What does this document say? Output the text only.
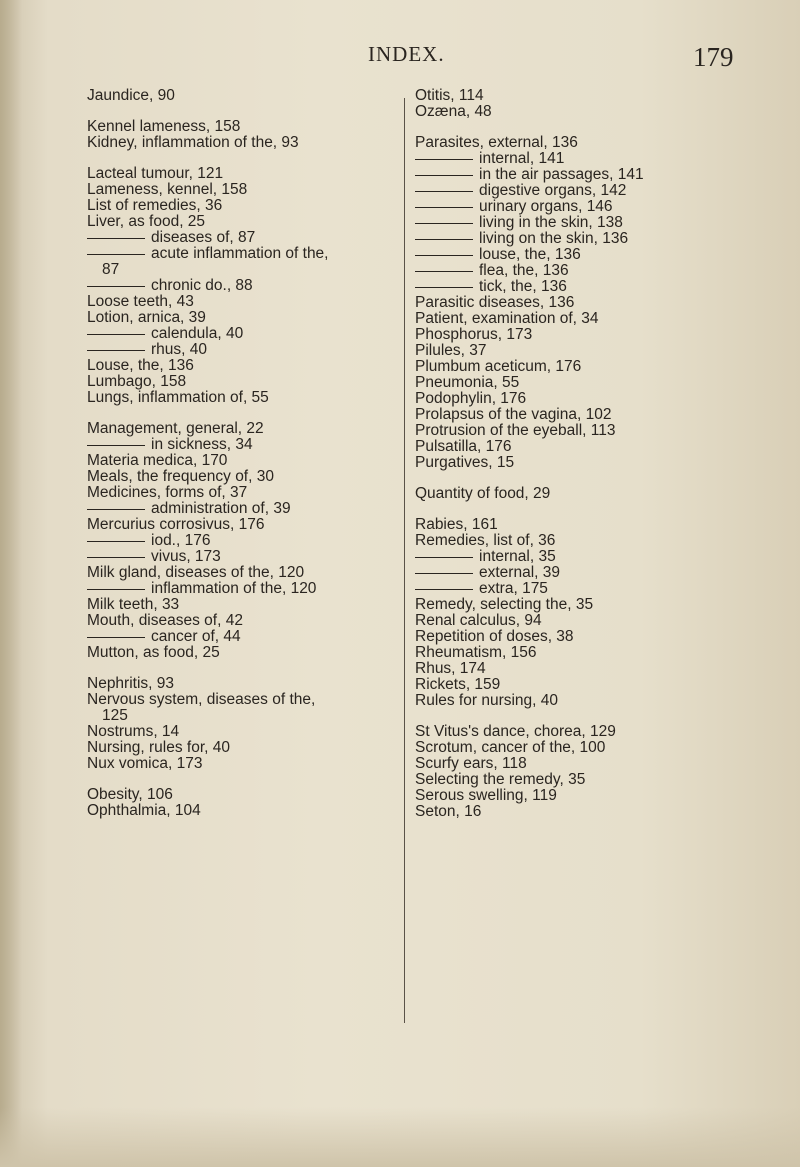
INDEX.	179
Jaundice, 90
Kennel lameness, 158
Kidney, inflammation of the, 93
Lacteal tumour, 121
Lameness, kennel, 158
List of remedies, 36
Liver, as food, 25
diseases of, 87
acute inflammation of the,
87
chronic do., 88
Loose teeth, 43
Lotion, arnica, 39
calendula, 40
rhus, 40
Louse, the, 136
Lumbago, 158
Lungs, inflammation of, 55
Management, general, 22
in sickness, 34
Materia medica, 170
Meals, the frequency of, 30
Medicines, forms of, 37
administration of, 39
Mercurius corrosivus, 176
iod., 176
vivus, 173
Milk gland, diseases of the, 120
inflammation of the, 120
Milk teeth, 33
Mouth, diseases of, 42
cancer of, 44
Mutton, as food, 25
Nephritis, 93
Nervous system, diseases of the,
125
Nostrums, 14
Nursing, rules for, 40
Nux vomica, 173
Obesity, 106
Ophthalmia, 104
Otitis, 114
Ozæna, 48
Parasites, external, 136
internal, 141
in the air passages, 141
digestive organs, 142
urinary organs, 146
living in the skin, 138
living on the skin, 136
louse, the, 136
flea, the, 136
tick, the, 136
Parasitic diseases, 136
Patient, examination of, 34
Phosphorus, 173
Pilules, 37
Plumbum aceticum, 176
Pneumonia, 55
Podophylin, 176
Prolapsus of the vagina, 102
Protrusion of the eyeball, 113
Pulsatilla, 176
Purgatives, 15
Quantity of food, 29
Rabies, 161
Remedies, list of, 36
internal, 35
external, 39
extra, 175
Remedy, selecting the, 35
Renal calculus, 94
Repetition of doses, 38
Rheumatism, 156
Rhus, 174
Rickets, 159
Rules for nursing, 40
St Vitus's dance, chorea, 129
Scrotum, cancer of the, 100
Scurfy ears, 118
Selecting the remedy, 35
Serous swelling, 119
Seton, 16
